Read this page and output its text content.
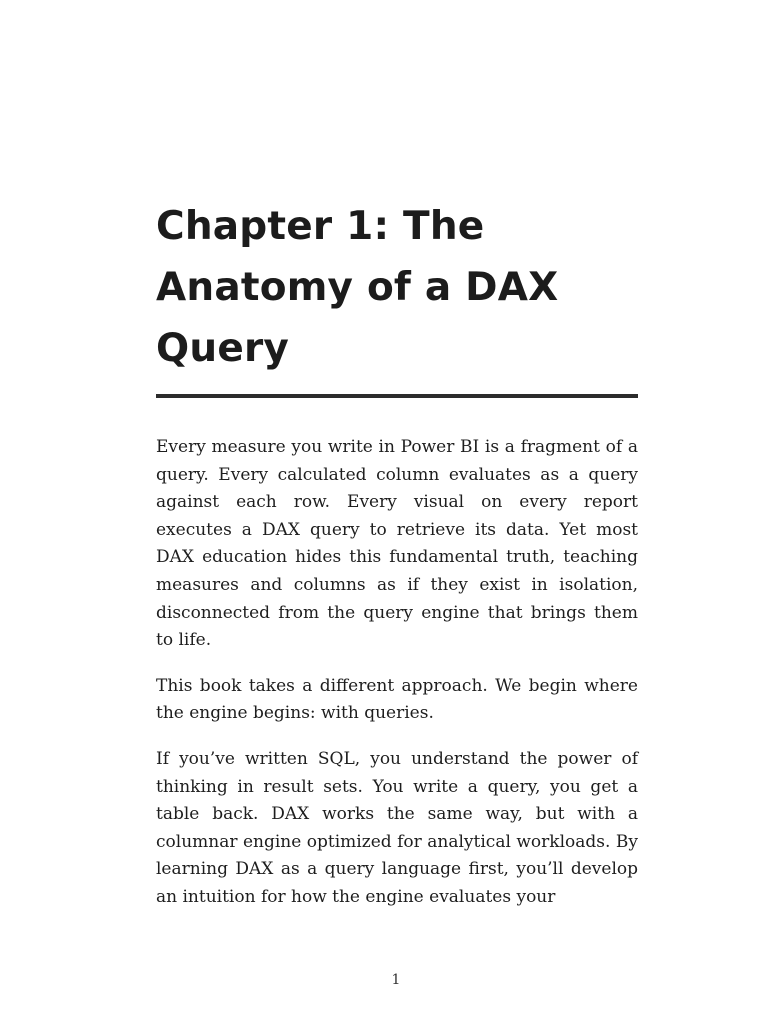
Chapter 1: The Anatomy of a DAX Query

Every measure you write in Power BI is a fragment of a query. Every calculated column evaluates as a query against each row. Every visual on every report executes a DAX query to retrieve its data. Yet most DAX education hides this fundamental truth, teaching measures and columns as if they exist in isolation, disconnected from the query engine that brings them to life.

This book takes a different approach. We begin where the engine begins: with queries.

If you’ve written SQL, you understand the power of thinking in result sets. You write a query, you get a table back. DAX works the same way, but with a columnar engine optimized for analytical workloads. By learning DAX as a query language first, you’ll develop an intuition for how the engine evaluates your

1
